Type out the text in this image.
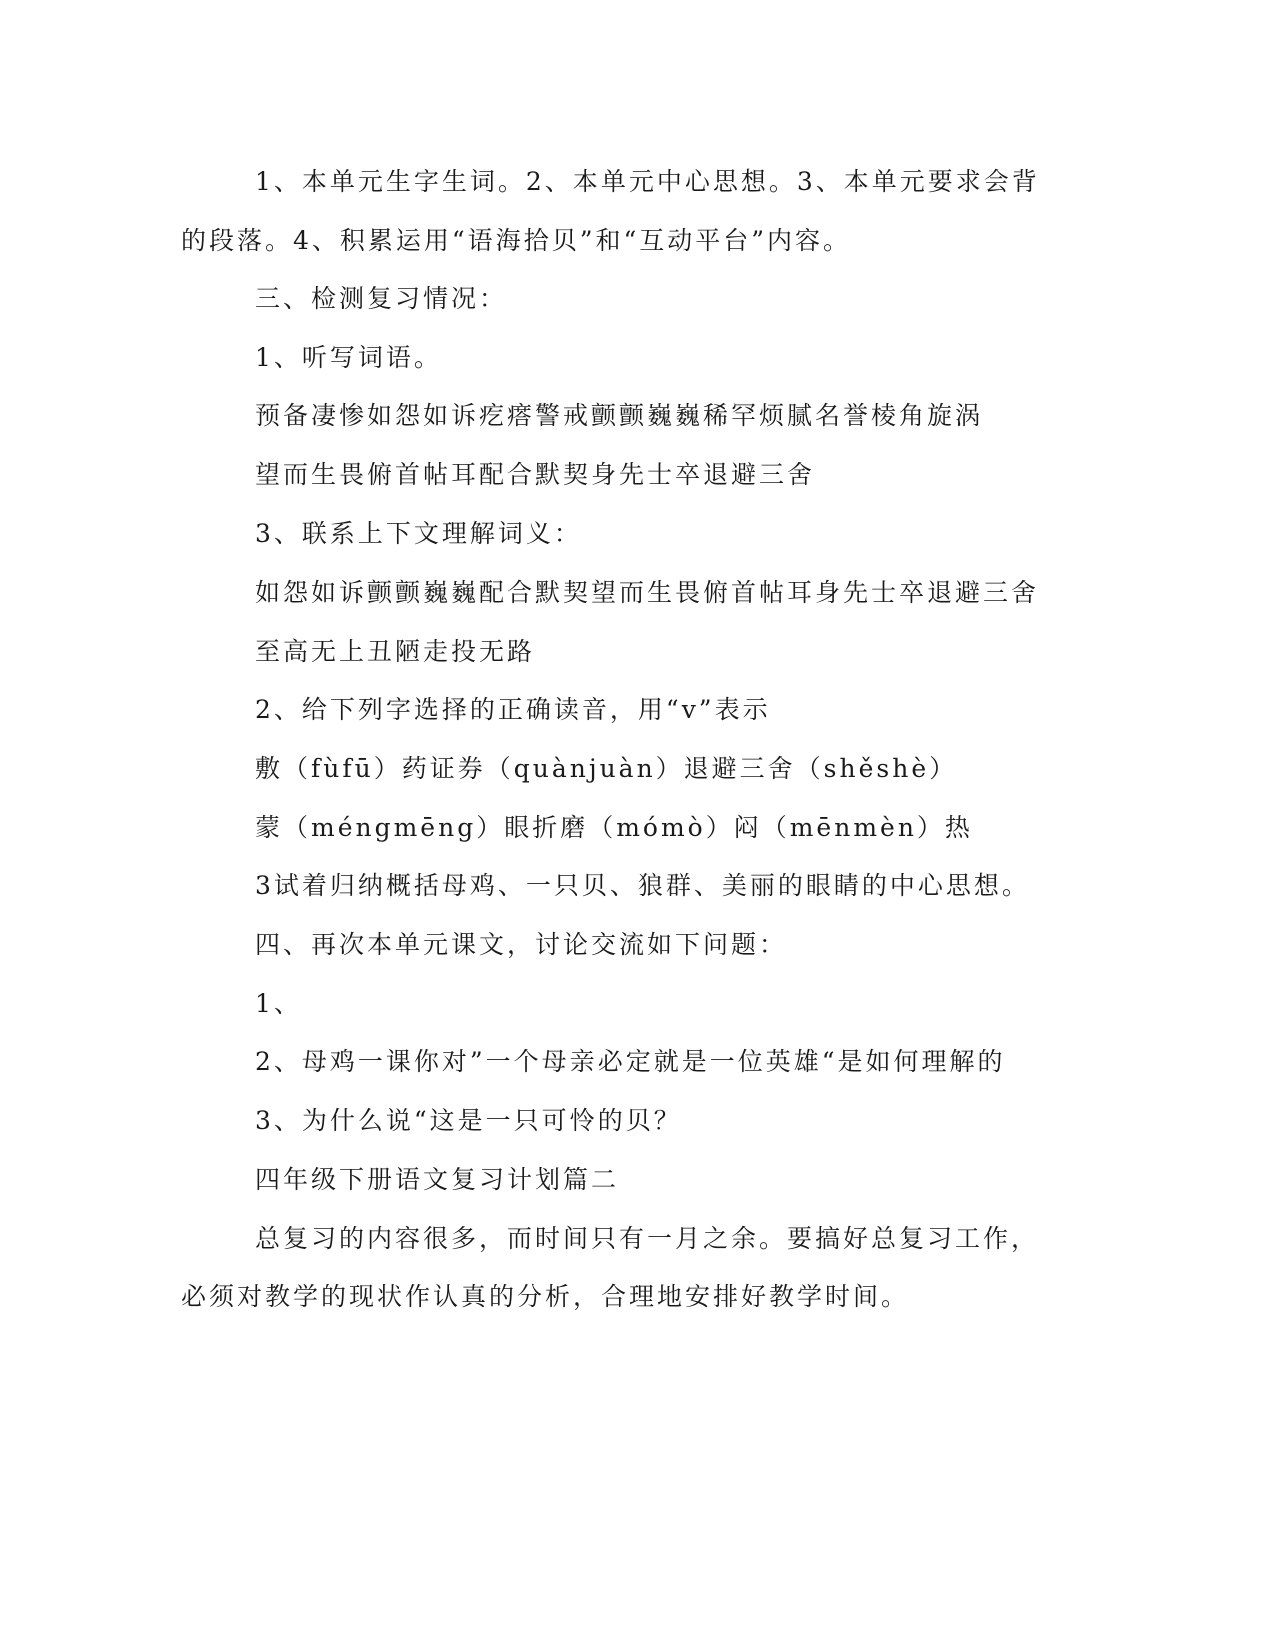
1、本单元生字生词。2、本单元中心思想。3、本单元要求会背

的段落。4、积累运用“语海拾贝”和“互动平台”内容。

三、检测复习情况：

1、听写词语。

预备凄惨如怨如诉疙瘩警戒颤颤巍巍稀罕烦腻名誉棱角旋涡

望而生畏俯首帖耳配合默契身先士卒退避三舍

3、联系上下文理解词义：

如怨如诉颤颤巍巍配合默契望而生畏俯首帖耳身先士卒退避三舍

至高无上丑陋走投无路

2、给下列字选择的正确读音，用“v”表示

敷（fùfū）药证券（quànjuàn）退避三舍（shěshè）

蒙（méngmēng）眼折磨（mómò）闷（mēnmèn）热

3试着归纳概括母鸡、一只贝、狼群、美丽的眼睛的中心思想。

四、再次本单元课文，讨论交流如下问题：

1、

2、母鸡一课你对”一个母亲必定就是一位英雄“是如何理解的

3、为什么说“这是一只可怜的贝？

四年级下册语文复习计划篇二

总复习的内容很多，而时间只有一月之余。要搞好总复习工作，

必须对教学的现状作认真的分析，合理地安排好教学时间。
